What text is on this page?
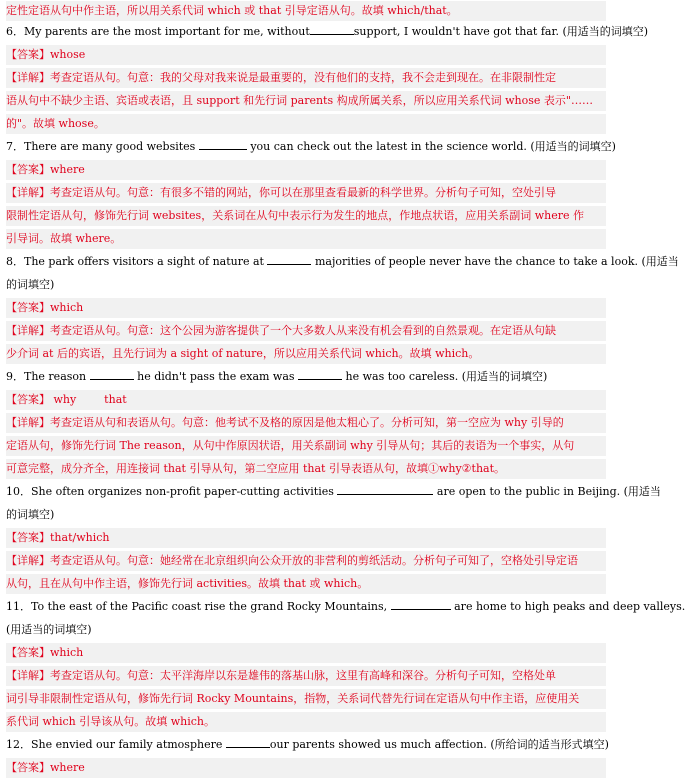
定性定语从句中作主语，所以用关系代词 which 或 that 引导定语从句。故填 which/that。
6．My parents are the most important for me, without	support, I wouldn't have got that far. (用适当的词填空)
【答案】whose
【详解】考查定语从句。句意：我的父母对我来说是最重要的，没有他们的支持，我不会走到现在。在非限制性定
语从句中不缺少主语、宾语或表语，且 support 和先行词 parents 构成所属关系，所以应用关系代词 whose 表示"……
的"。故填 whose。
7．There are many good websites	you can check out the latest in the science world. (用适当的词填空)
【答案】where
【详解】考查定语从句。句意：有很多不错的网站，你可以在那里查看最新的科学世界。分析句子可知，空处引导
限制性定语从句，修饰先行词 websites，关系词在从句中表示行为发生的地点，作地点状语，应用关系副词 where 作
引导词。故填 where。
8．The park offers visitors a sight of nature at	majorities of people never have the chance to take a look. (用适当
的词填空)
【答案】which
【详解】考查定语从句。句意：这个公园为游客提供了一个大多数人从来没有机会看到的自然景观。在定语从句缺
少介词 at 后的宾语，且先行词为 a sight of nature，所以应用关系代词 which。故填 which。
9．The reason	he didn't pass the exam was	he was too careless. (用适当的词填空)
【答案】 why        that
【详解】考查定语从句和表语从句。句意：他考试不及格的原因是他太粗心了。分析可知，第一空应为 why 引导的
定语从句，修饰先行词 The reason，从句中作原因状语，用关系副词 why 引导从句；其后的表语为一个事实，从句
可意完整，成分齐全，用连接词 that 引导从句，第二空应用 that 引导表语从句，故填①why②that。
10．She often organizes non-profit paper-cutting activities	are open to the public in Beijing. (用适当
的词填空)
【答案】that/which
【详解】考查定语从句。句意：她经常在北京组织向公众开放的非营利的剪纸活动。分析句子可知了，空格处引导定语
从句，且在从句中作主语，修饰先行词 activities。故填 that 或 which。
11．To the east of the Pacific coast rise the grand Rocky Mountains,	are home to high peaks and deep valleys.
(用适当的词填空)
【答案】which
【详解】考查定语从句。句意：太平洋海岸以东是雄伟的落基山脉，这里有高峰和深谷。分析句子可知，空格处单
词引导非限制性定语从句，修饰先行词 Rocky Mountains，指物，关系词代替先行词在定语从句中作主语，应使用关
系代词 which 引导该从句。故填 which。
12．She envied our family atmosphere	our parents showed us much affection. (所给词的适当形式填空)
【答案】where
